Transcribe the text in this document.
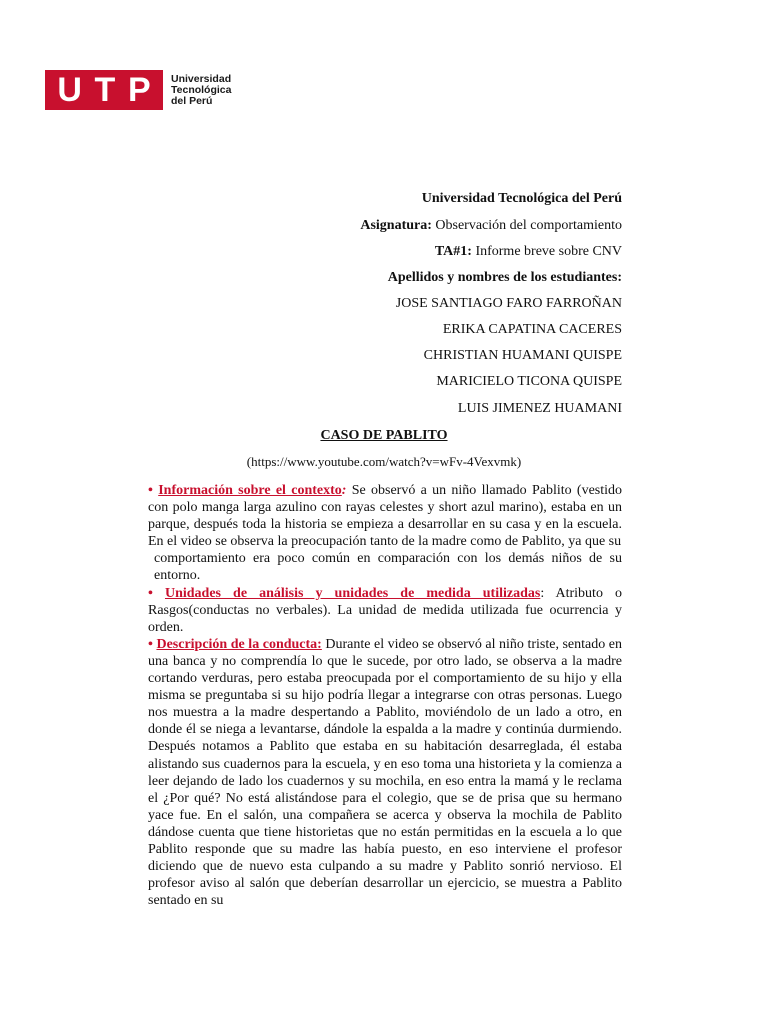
U T P Universidad
Tecnológica
del Perú
Universidad Tecnológica del Perú
Asignatura: Observación del comportamiento
TA#1: Informe breve sobre CNV
Apellidos y nombres de los estudiantes:
JOSE SANTIAGO FARO FARROÑAN
ERIKA CAPATINA CACERES
CHRISTIAN HUAMANI QUISPE
MARICIELO TICONA QUISPE
LUIS JIMENEZ HUAMANI
CASO DE PABLITO
(https://www.youtube.com/watch?v=wFv-4Vexvmk)

• Información sobre el contexto: Se observó a un niño llamado Pablito (vestido con polo manga larga azulino con rayas celestes y short azul marino), estaba en un parque, después toda la historia se empieza a desarrollar en su casa y en la escuela. En el video se observa la preocupación tanto de la madre como de Pablito, ya que su

comportamiento era poco común en comparación con los demás niños de su entorno.

• Unidades de análisis y unidades de medida utilizadas: Atributo o Rasgos(conductas no verbales). La unidad de medida utilizada fue ocurrencia y orden.

• Descripción de la conducta: Durante el video se observó al niño triste, sentado en una banca y no comprendía lo que le sucede, por otro lado, se observa a la madre cortando verduras, pero estaba preocupada por el comportamiento de su hijo y ella misma se preguntaba si su hijo podría llegar a integrarse con otras personas. Luego nos muestra a la madre despertando a Pablito, moviéndolo de un lado a otro, en donde él se niega a levantarse, dándole la espalda a la madre y continúa durmiendo. Después notamos a Pablito que estaba en su habitación desarreglada, él estaba alistando sus cuadernos para la escuela, y en eso toma una historieta y la comienza a leer dejando de lado los cuadernos y su mochila, en eso entra la mamá y le reclama el ¿Por qué? No está alistándose para el colegio, que se de prisa que su hermano yace fue. En el salón, una compañera se acerca y observa la mochila de Pablito dándose cuenta que tiene historietas que no están permitidas en la escuela a lo que Pablito responde que su madre las había puesto, en eso interviene el profesor diciendo que de nuevo esta culpando a su madre y Pablito sonrió nervioso. El profesor aviso al salón que deberían desarrollar un ejercicio, se muestra a Pablito sentado en su
